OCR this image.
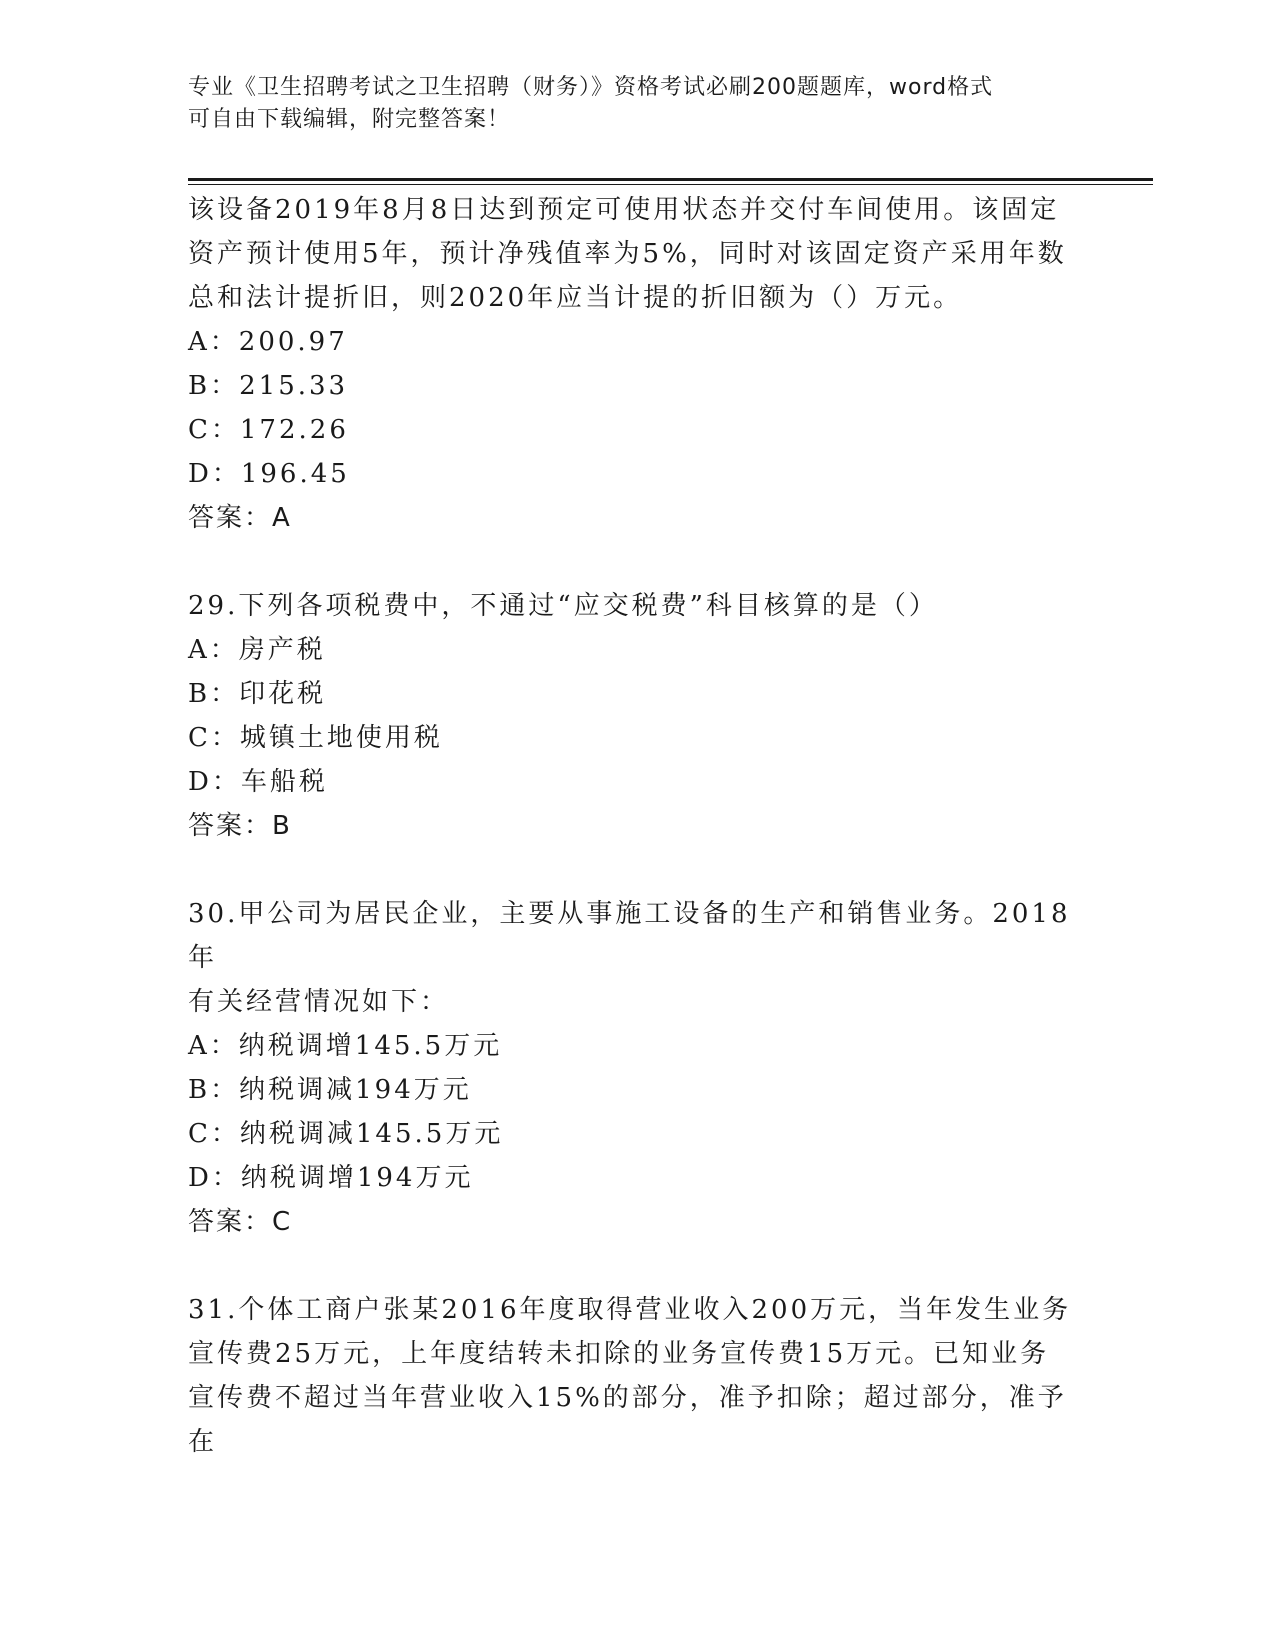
专业《卫生招聘考试之卫生招聘（财务）》资格考试必刷200题题库，word格式
可自由下载编辑，附完整答案！

该设备2019年8月8日达到预定可使用状态并交付车间使用。该固定

资产预计使用5年，预计净残值率为5%，同时对该固定资产采用年数

总和法计提折旧，则2020年应当计提的折旧额为（）万元。

A：200.97

B：215.33

C：172.26

D：196.45

答案：A

29.下列各项税费中，不通过“应交税费”科目核算的是（）

A：房产税

B：印花税

C：城镇土地使用税

D：车船税

答案：B

30.甲公司为居民企业，主要从事施工设备的生产和销售业务。2018年

有关经营情况如下：

A：纳税调增145.5万元

B：纳税调减194万元

C：纳税调减145.5万元

D：纳税调增194万元

答案：C

31.个体工商户张某2016年度取得营业收入200万元，当年发生业务

宣传费25万元，上年度结转未扣除的业务宣传费15万元。已知业务

宣传费不超过当年营业收入15%的部分，准予扣除；超过部分，准予在
